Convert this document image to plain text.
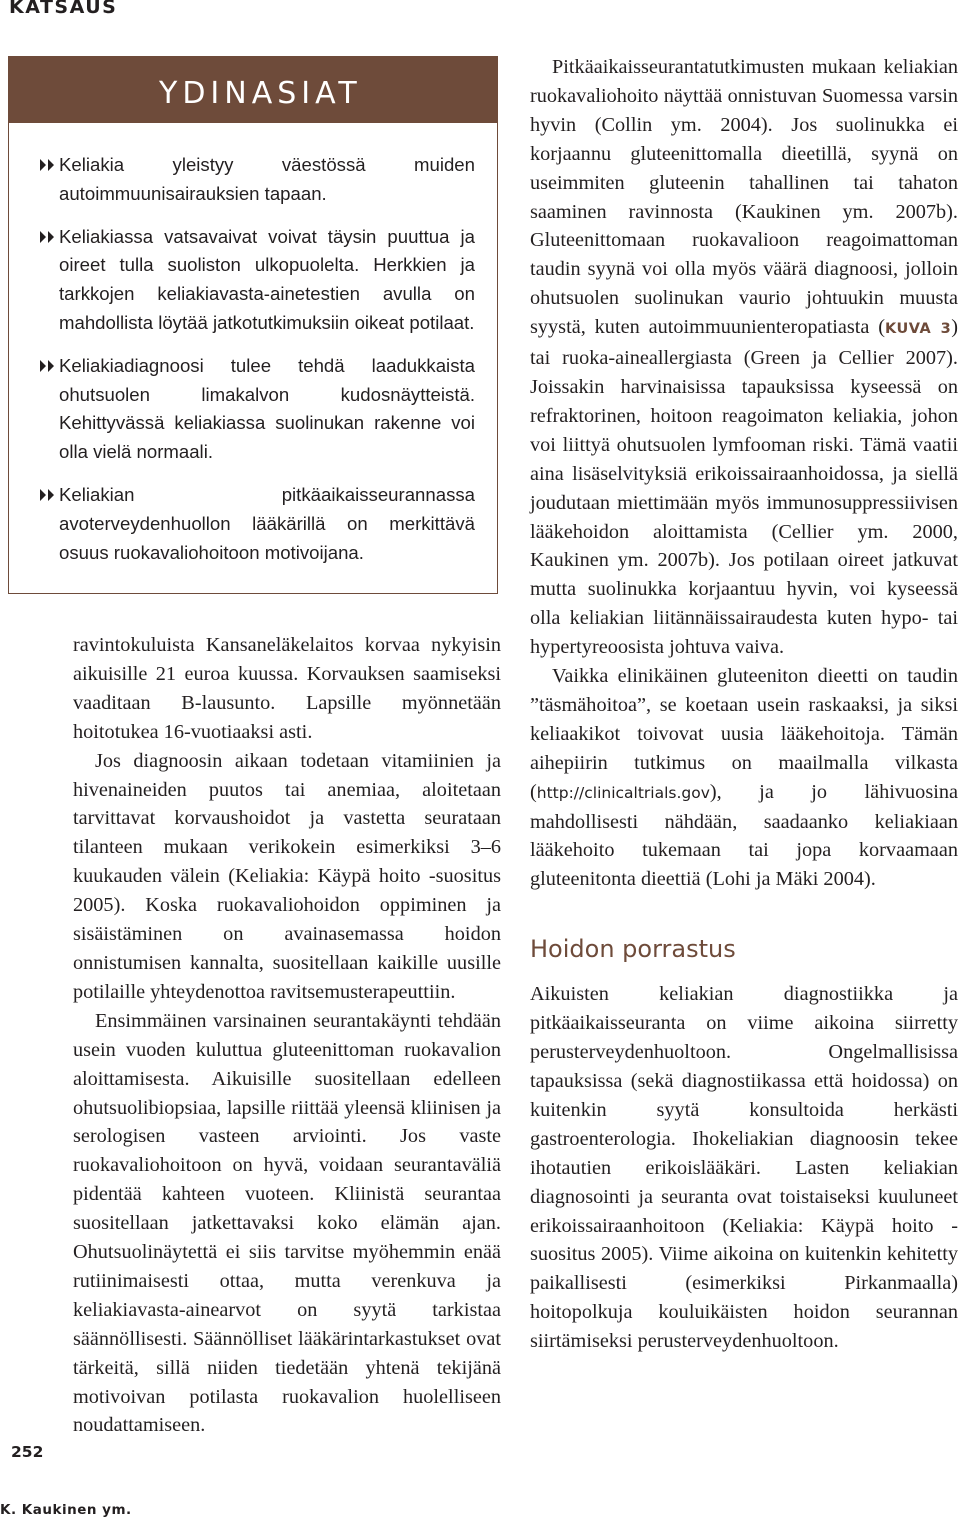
KATSAUS
YDINASIAT
Keliakia yleistyy väestössä muiden autoimmuunisairauksien tapaan.
Keliakiassa vatsavaivat voivat täysin puuttua ja oireet tulla suoliston ulkopuolelta. Herkkien ja tarkkojen keliakiavasta-ainetestien avulla on mahdollista löytää jatkotutkimuksiin oikeat potilaat.
Keliakiadiagnoosi tulee tehdä laadukkaista ohutsuolen limakalvon kudosnäytteistä. Kehittyvässä keliakiassa suolinukan rakenne voi olla vielä normaali.
Keliakian pitkäaikaisseurannassa avoterveydenhuollon lääkärillä on merkittävä osuus ruokavaliohoitoon motivoijana.

ravintokuluista Kansaneläkelaitos korvaa nykyisin aikuisille 21 euroa kuussa. Korvauksen saamiseksi vaaditaan B-lausunto. Lapsille myönnetään hoitotukea 16-vuotiaaksi asti.

Jos diagnoosin aikaan todetaan vitamiinien ja hivenaineiden puutos tai anemiaa, aloitetaan tarvittavat korvaushoidot ja vastetta seurataan tilanteen mukaan verikokein esimerkiksi 3–6 kuukauden välein (Keliakia: Käypä hoito -suositus 2005). Koska ruokavaliohoidon oppiminen ja sisäistäminen on avainasemassa hoidon onnistumisen kannalta, suositellaan kaikille uusille potilaille yhteydenottoa ravitsemusterapeuttiin.

Ensimmäinen varsinainen seurantakäynti tehdään usein vuoden kuluttua gluteenittoman ruokavalion aloittamisesta. Aikuisille suositellaan edelleen ohutsuolibiopsiaa, lapsille riittää yleensä kliinisen ja serologisen vasteen arviointi. Jos vaste ruokavaliohoitoon on hyvä, voidaan seurantaväliä pidentää kahteen vuoteen. Kliinistä seurantaa suositellaan jatkettavaksi koko elämän ajan. Ohutsuolinäytettä ei siis tarvitse myöhemmin enää rutiinimaisesti ottaa, mutta verenkuva ja keliakiavasta-ainearvot on syytä tarkistaa säännöllisesti. Säännölliset lääkärintarkastukset ovat tärkeitä, sillä niiden tiedetään yhtenä tekijänä motivoivan potilasta ruokavalion huolelliseen noudattamiseen.

Pitkäaikaisseurantatutkimusten mukaan keliakian ruokavaliohoito näyttää onnistuvan Suomessa varsin hyvin (Collin ym. 2004). Jos suolinukka ei korjaannu gluteenittomalla dieetillä, syynä on useimmiten gluteenin tahallinen tai tahaton saaminen ravinnosta (Kaukinen ym. 2007b). Gluteenittomaan ruokavalioon reagoimattoman taudin syynä voi olla myös väärä diagnoosi, jolloin ohutsuolen suolinukan vaurio johtuukin muusta syystä, kuten autoimmuunienteropatiasta (KUVA 3) tai ruoka-aineallergiasta (Green ja Cellier 2007). Joissakin harvinaisissa tapauksissa kyseessä on refraktorinen, hoitoon reagoimaton keliakia, johon voi liittyä ohutsuolen lymfooman riski. Tämä vaatii aina lisäselvityksiä erikoissairaanhoidossa, ja siellä joudutaan miettimään myös immunosuppressiivisen lääkehoidon aloittamista (Cellier ym. 2000, Kaukinen ym. 2007b). Jos potilaan oireet jatkuvat mutta suolinukka korjaantuu hyvin, voi kyseessä olla keliakian liitännäissairaudesta kuten hypo- tai hypertyreoosista johtuva vaiva.

Vaikka elinikäinen gluteeniton dieetti on taudin ”täsmähoitoa”, se koetaan usein raskaaksi, ja siksi keliaakikot toivovat uusia lääkehoitoja. Tämän aihepiirin tutkimus on maailmalla vilkasta (http://clinicaltrials.gov), ja jo lähivuosina mahdollisesti nähdään, saadaanko keliakiaan lääkehoito tukemaan tai jopa korvaamaan gluteenitonta dieettiä (Lohi ja Mäki 2004).

Hoidon porrastus

Aikuisten keliakian diagnostiikka ja pitkäaikaisseuranta on viime aikoina siirretty perusterveydenhuoltoon. Ongelmallisissa tapauksissa (sekä diagnostiikassa että hoidossa) on kuitenkin syytä konsultoida herkästi gastroenterologia. Ihokeliakian diagnoosin tekee ihotautien erikoislääkäri. Lasten keliakian diagnosointi ja seuranta ovat toistaiseksi kuuluneet erikoissairaanhoitoon (Keliakia: Käypä hoito -suositus 2005). Viime aikoina on kuitenkin kehitetty paikallisesti (esimerkiksi Pirkanmaalla) hoitopolkuja kouluikäisten hoidon seurannan siirtämiseksi perusterveydenhuoltoon.

252
K. Kaukinen ym.
